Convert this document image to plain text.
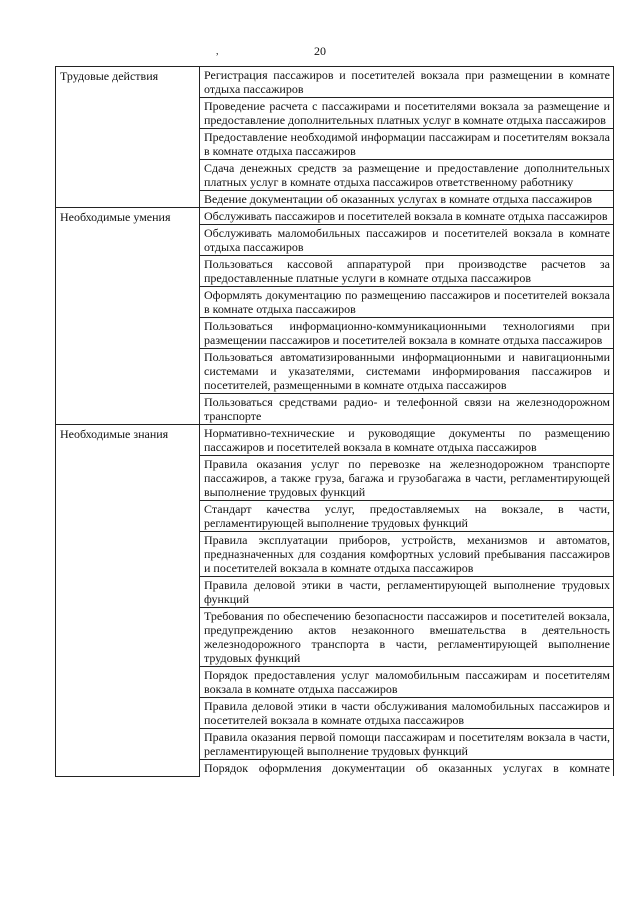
20
,
Трудовые действия	Регистрация пассажиров и посетителей вокзала при размещении в комнате отдыха пассажиров
	Проведение расчета с пассажирами и посетителями вокзала за размещение и предоставление дополнительных платных услуг в комнате отдыха пассажиров
	Предоставление необходимой информации пассажирам и посетителям вокзала в комнате отдыха пассажиров
	Сдача денежных средств за размещение и предоставление дополнительных платных услуг в комнате отдыха пассажиров ответственному работнику
	Ведение документации об оказанных услугах в комнате отдыха пассажиров
Необходимые умения	Обслуживать пассажиров и посетителей вокзала в комнате отдыха пассажиров
	Обслуживать маломобильных пассажиров и посетителей вокзала в комнате отдыха пассажиров
	Пользоваться кассовой аппаратурой при производстве расчетов за предоставленные платные услуги в комнате отдыха пассажиров
	Оформлять документацию по размещению пассажиров и посетителей вокзала в комнате отдыха пассажиров
	Пользоваться информационно-коммуникационными технологиями при размещении пассажиров и посетителей вокзала в комнате отдыха пассажиров
	Пользоваться автоматизированными информационными и навигационными системами и указателями, системами информирования пассажиров и посетителей, размещенными в комнате отдыха пассажиров
	Пользоваться средствами радио- и телефонной связи на железнодорожном транспорте
Необходимые знания	Нормативно-технические и руководящие документы по размещению пассажиров и посетителей вокзала в комнате отдыха пассажиров
	Правила оказания услуг по перевозке на железнодорожном транспорте пассажиров, а также груза, багажа и грузобагажа в части, регламентирующей выполнение трудовых функций
	Стандарт качества услуг, предоставляемых на вокзале, в части, регламентирующей выполнение трудовых функций
	Правила эксплуатации приборов, устройств, механизмов и автоматов, предназначенных для создания комфортных условий пребывания пассажиров и посетителей вокзала в комнате отдыха пассажиров
	Правила деловой этики в части, регламентирующей выполнение трудовых функций
	Требования по обеспечению безопасности пассажиров и посетителей вокзала, предупреждению актов незаконного вмешательства в деятельность железнодорожного транспорта в части, регламентирующей выполнение трудовых функций
	Порядок предоставления услуг маломобильным пассажирам и посетителям вокзала в комнате отдыха пассажиров
	Правила деловой этики в части обслуживания маломобильных пассажиров и посетителей вокзала в комнате отдыха пассажиров
	Правила оказания первой помощи пассажирам и посетителям вокзала в части, регламентирующей выполнение трудовых функций
	Порядок оформления документации об оказанных услугах в комнате
